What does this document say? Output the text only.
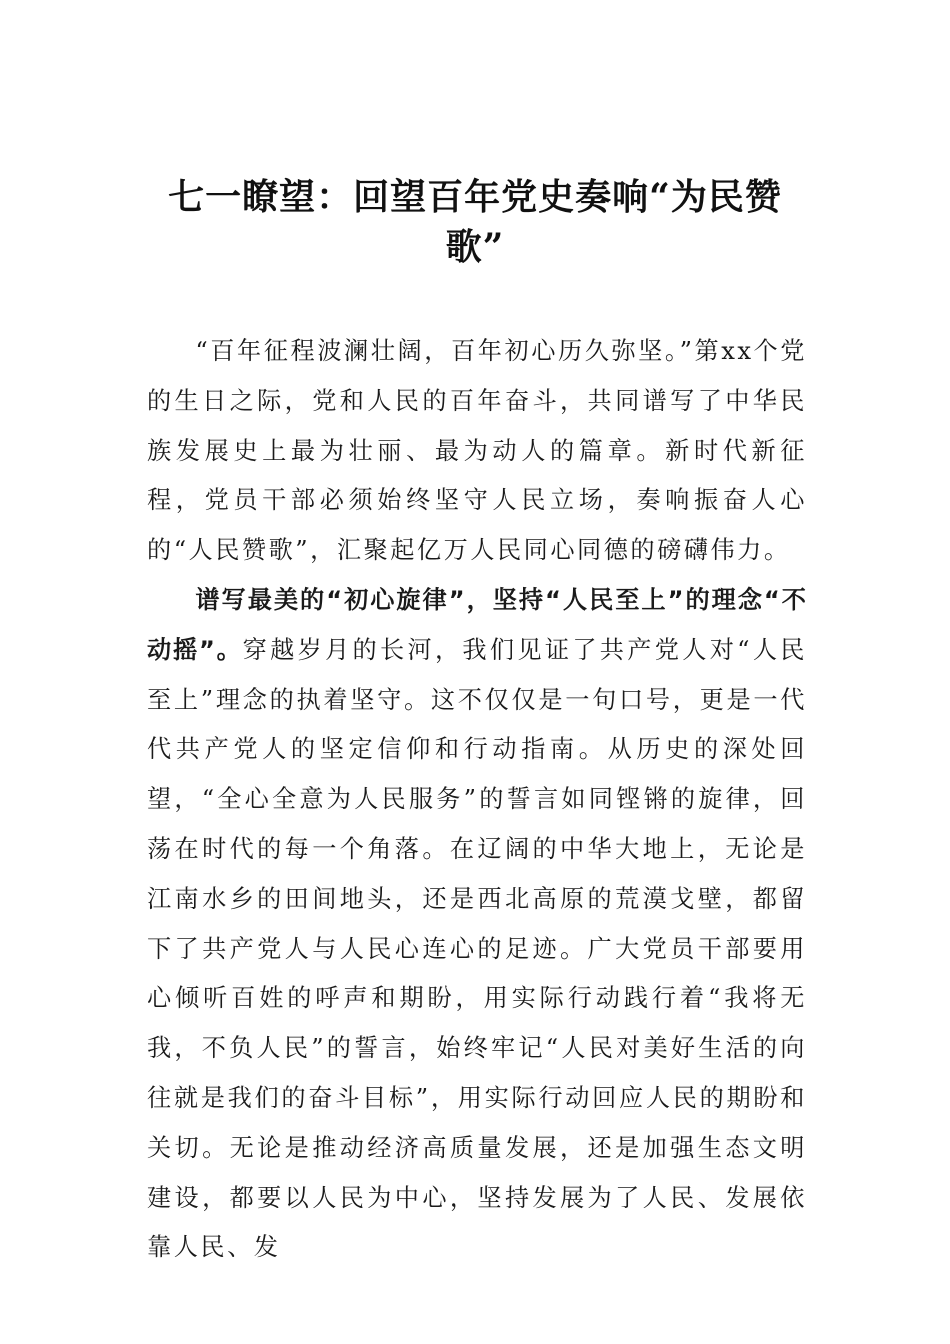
七一瞭望：回望百年党史奏响“为民赞歌”

“百年征程波澜壮阔，百年初心历久弥坚。”第xx个党的生日之际，党和人民的百年奋斗，共同谱写了中华民族发展史上最为壮丽、最为动人的篇章。新时代新征程，党员干部必须始终坚守人民立场，奏响振奋人心的“人民赞歌”，汇聚起亿万人民同心同德的磅礴伟力。

谱写最美的“初心旋律”，坚持“人民至上”的理念“不动摇”。穿越岁月的长河，我们见证了共产党人对“人民至上”理念的执着坚守。这不仅仅是一句口号，更是一代代共产党人的坚定信仰和行动指南。从历史的深处回望，“全心全意为人民服务”的誓言如同铿锵的旋律，回荡在时代的每一个角落。在辽阔的中华大地上，无论是江南水乡的田间地头，还是西北高原的荒漠戈壁，都留下了共产党人与人民心连心的足迹。广大党员干部要用心倾听百姓的呼声和期盼，用实际行动践行着“我将无我，不负人民”的誓言，始终牢记“人民对美好生活的向往就是我们的奋斗目标”，用实际行动回应人民的期盼和关切。无论是推动经济高质量发展，还是加强生态文明建设，都要以人民为中心，坚持发展为了人民、发展依靠人民、发
